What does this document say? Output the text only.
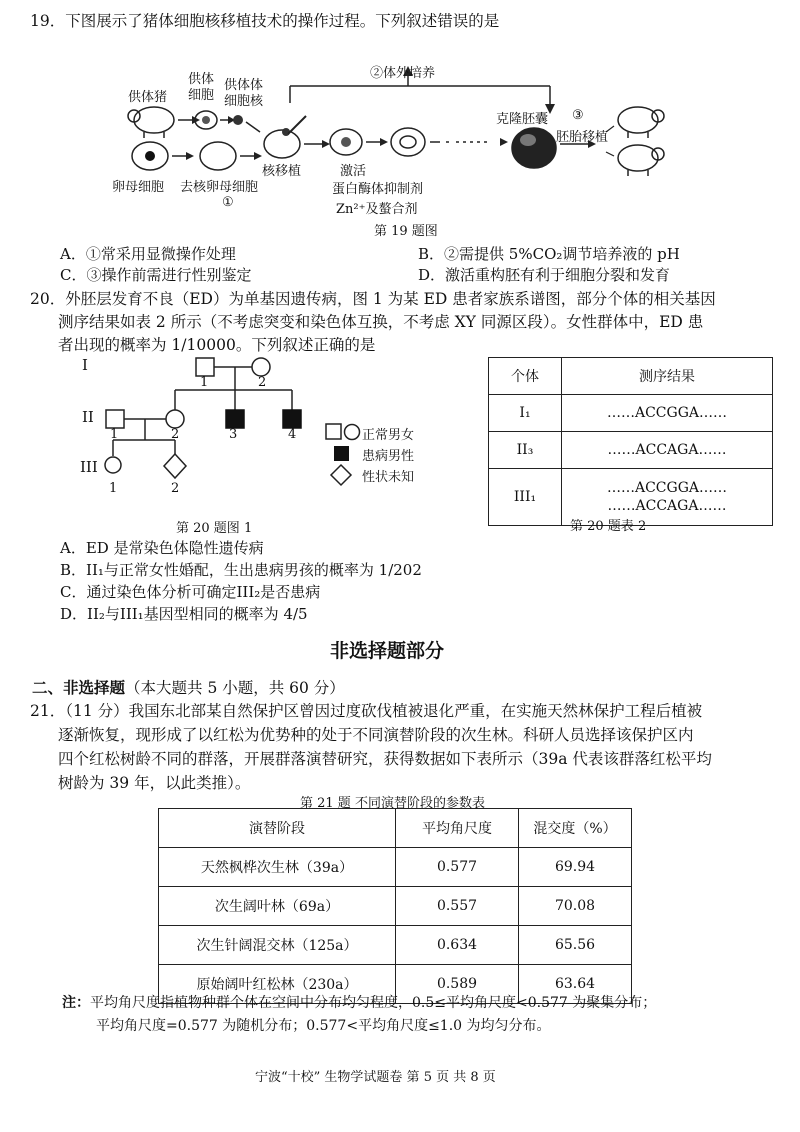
19．下图展示了猪体细胞核移植技术的操作过程。下列叙述错误的是
供体猪
供体
细胞
供体体
细胞核
②体外培养
克隆胚囊 ③
胚胎移植
卵母细胞 去核卵母细胞
①
核移植	激活
蛋白酶体抑制剂
Zn²⁺及螯合剂
第 19 题图
A．①常采用显微操作处理	B．②需提供 5%CO₂调节培养液的 pH
C．③操作前需进行性别鉴定	D．激活重构胚有利于细胞分裂和发育
20．外胚层发育不良（ED）为单基因遗传病，图 1 为某 ED 患者家族系谱图，部分个体的相关基因
测序结果如表 2 所示（不考虑突变和染色体互换，不考虑 XY 同源区段）。女性群体中，ED 患
者出现的概率为 1/10000。下列叙述正确的是
I
II
III
1	2
1	2	3	4
1	2
正常男女
患病男性
性状未知
第 20 题图 1
个体	测序结果
I₁	……ACCGGA……
II₃	……ACCAGA……
III₁	……ACCGGA……
……ACCAGA……
第 20 题表 2
A．ED 是常染色体隐性遗传病
B．II₁与正常女性婚配，生出患病男孩的概率为 1/202
C．通过染色体分析可确定III₂是否患病
D．II₂与III₁基因型相同的概率为 4/5
非选择题部分
二、非选择题（本大题共 5 小题，共 60 分）
21．（11 分）我国东北部某自然保护区曾因过度砍伐植被退化严重，在实施天然林保护工程后植被
逐渐恢复，现形成了以红松为优势种的处于不同演替阶段的次生林。科研人员选择该保护区内
四个红松树龄不同的群落，开展群落演替研究，获得数据如下表所示（39a 代表该群落红松平均
树龄为 39 年，以此类推）。
第 21 题 不同演替阶段的参数表
演替阶段	平均角尺度	混交度（%）
天然枫桦次生林（39a）	0.577	69.94
次生阔叶林（69a）	0.557	70.08
次生针阔混交林（125a）	0.634	65.56
原始阔叶红松林（230a）	0.589	63.64
注：平均角尺度指植物种群个体在空间中分布均匀程度，0.5≤平均角尺度<0.577 为聚集分布；
平均角尺度=0.577 为随机分布；0.577<平均角尺度≤1.0 为均匀分布。
宁波“十校” 生物学试题卷 第 5 页 共 8 页
